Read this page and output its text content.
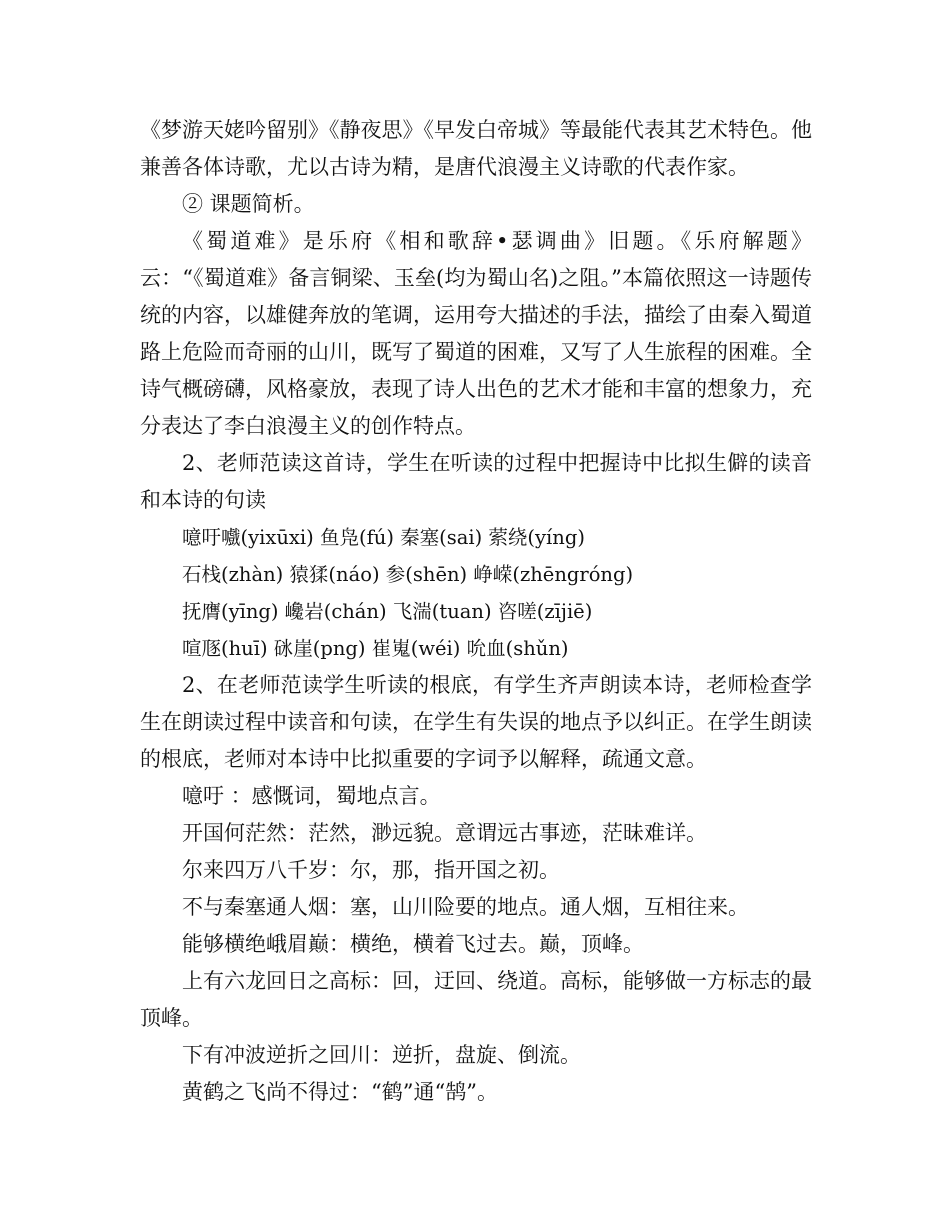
《梦游天姥吟留别》《静夜思》《早发白帝城》等最能代表其艺术特色。他兼善各体诗歌，尤以古诗为精，是唐代浪漫主义诗歌的代表作家。

② 课题简析。

《蜀道难》是乐府《相和歌辞•瑟调曲》旧题。《乐府解题》云：“《蜀道难》备言铜梁、玉垒(均为蜀山名)之阻。”本篇依照这一诗题传统的内容，以雄健奔放的笔调，运用夸大描述的手法，描绘了由秦入蜀道路上危险而奇丽的山川，既写了蜀道的困难，又写了人生旅程的困难。全诗气概磅礴，风格豪放，表现了诗人出色的艺术才能和丰富的想象力，充分表达了李白浪漫主义的创作特点。

2、老师范读这首诗，学生在听读的过程中把握诗中比拟生僻的读音和本诗的句读

噫吁嚱(yixūxi) 鱼凫(fú) 秦塞(sai) 萦绕(yíng)

石栈(zhàn) 猿猱(náo) 参(shēn) 峥嵘(zhēngróng)

抚膺(yīng) 巉岩(chán) 飞湍(tuan) 咨嗟(zījiē)

喧豗(huī) 砯崖(png) 崔嵬(wéi) 吮血(shǔn)

2、在老师范读学生听读的根底，有学生齐声朗读本诗，老师检查学生在朗读过程中读音和句读，在学生有失误的地点予以纠正。在学生朗读的根底，老师对本诗中比拟重要的字词予以解释，疏通文意。

噫吁 ：感慨词，蜀地点言。

开国何茫然：茫然，渺远貌。意谓远古事迹，茫昧难详。

尔来四万八千岁：尔，那，指开国之初。

不与秦塞通人烟：塞，山川险要的地点。通人烟，互相往来。

能够横绝峨眉巅：横绝，横着飞过去。巅，顶峰。

上有六龙回日之高标：回，迂回、绕道。高标，能够做一方标志的最顶峰。

下有冲波逆折之回川：逆折，盘旋、倒流。

黄鹤之飞尚不得过：“鹤”通“鹄”。
